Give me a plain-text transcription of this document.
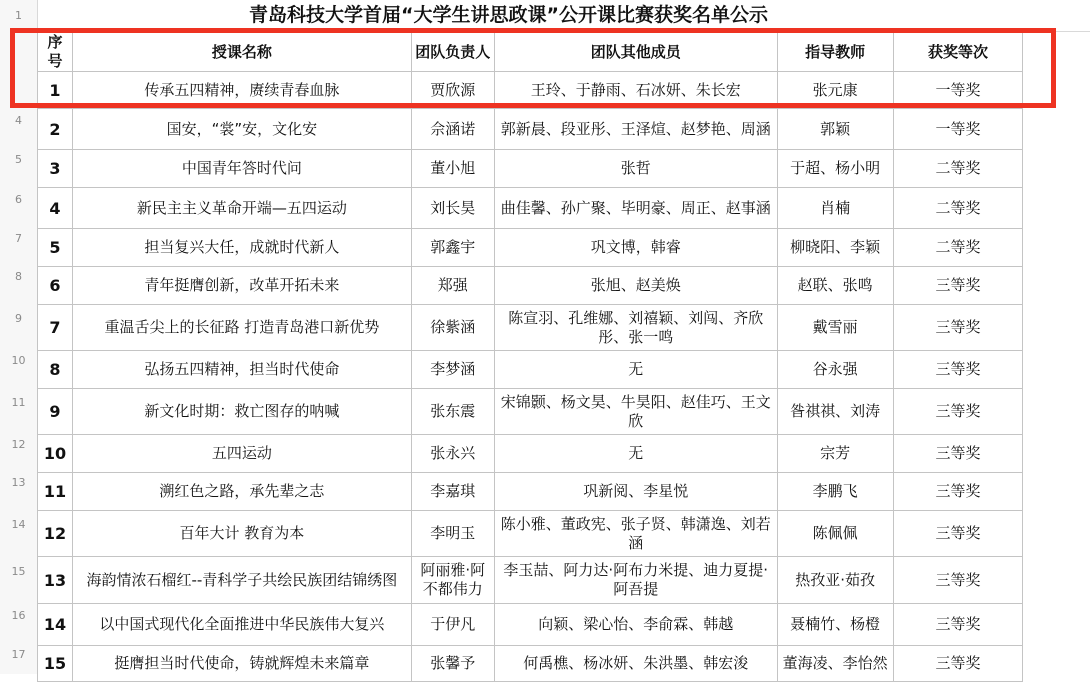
1
4
5
6
7
8
9
10
11
12
13
14
15
16
17
青岛科技大学首届“大学生讲思政课”公开课比赛获奖名单公示
序号	授课名称	团队负责人	团队其他成员	指导教师	获奖等次	

1	传承五四精神，赓续青春血脉	贾欣源	王玲、于静雨、石冰妍、朱长宏	张元康	一等奖	

2	国安，“裳”安，文化安	佘涵诺	郭新晨、段亚彤、王泽煊、赵梦艳、周涵	郭颖	一等奖	

3	中国青年答时代问	董小旭	张哲	于超、杨小明	二等奖	

4	新民主主义革命开端—五四运动	刘长昊	曲佳馨、孙广聚、毕明豪、周正、赵事涵	肖楠	二等奖	

5	担当复兴大任，成就时代新人	郭鑫宇	巩文博，韩睿	柳晓阳、李颖	二等奖	

6	青年挺膺创新，改革开拓未来	郑强	张旭、赵美焕	赵联、张鸣	三等奖	

7	重温舌尖上的长征路 打造青岛港口新优势	徐紫涵	陈宣羽、孔维娜、刘禧颖、刘闯、齐欣彤、张一鸣	戴雪丽	三等奖	

8	弘扬五四精神，担当时代使命	李梦涵	无	谷永强	三等奖	

9	新文化时期：救亡图存的呐喊	张东震	宋锦颢、杨文昊、牛昊阳、赵佳巧、王文欣	昝祺祺、刘涛	三等奖	

10	五四运动	张永兴	无	宗芳	三等奖	

11	溯红色之路，承先辈之志	李嘉琪	巩新阅、李星悦	李鹏飞	三等奖	

12	百年大计 教育为本	李明玉	陈小雅、董政宪、张子贤、韩潇逸、刘若涵	陈佩佩	三等奖	

13	海韵情浓石榴红--青科学子共绘民族团结锦绣图	阿丽雅·阿不都伟力	李玉喆、阿力达·阿布力米提、迪力夏提·阿吾提	热孜亚·茹孜	三等奖	

14	以中国式现代化全面推进中华民族伟大复兴	于伊凡	向颖、梁心怡、李俞霖、韩越	聂楠竹、杨橙	三等奖	

15	挺膺担当时代使命，铸就辉煌未来篇章	张馨予	何禹樵、杨冰妍、朱洪墨、韩宏浚	董海凌、李怡然	三等奖	
